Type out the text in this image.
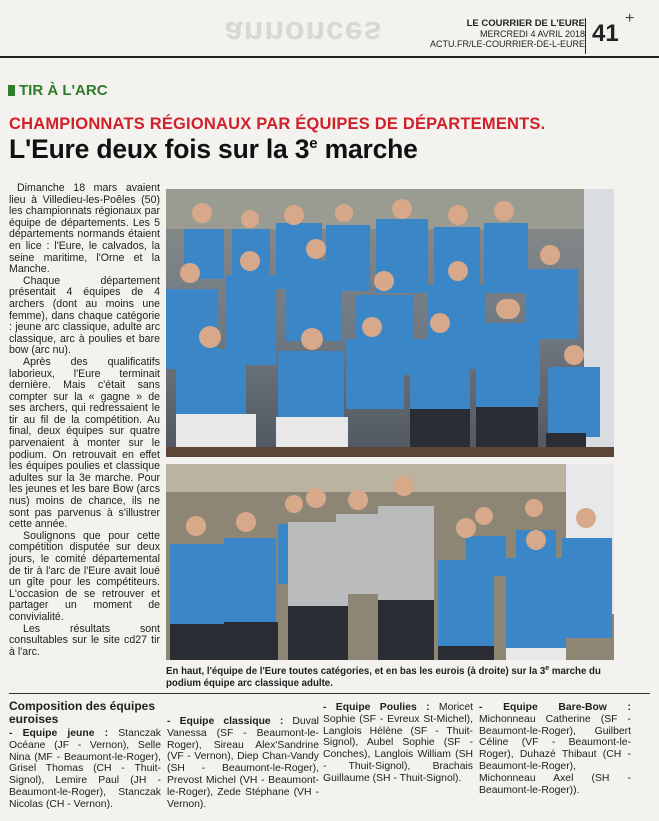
annonces	LE COURRIER DE L'EURE
MERCREDI 4 AVRIL 2018
ACTU.FR/LE-COURRIER-DE-L-EURE 41
+
TIR À L'ARC
CHAMPIONNATS RÉGIONAUX PAR ÉQUIPES DE DÉPARTEMENTS.
L'Eure deux fois sur la 3e marche

Dimanche 18 mars avaient lieu à Villedieu-les-Poêles (50) les championnats régionaux par équipe de départements. Les 5 départements normands étaient en lice : l'Eure, le calvados, la seine maritime, l'Orne et la Manche.

Chaque département présentait 4 équipes de 4 archers (dont au moins une femme), dans chaque catégorie : jeune arc classique, adulte arc classique, arc à poulies et bare bow (arc nu).

Après des qualificatifs laborieux, l'Eure terminait dernière. Mais c'était sans compter sur la « gagne » de ses archers, qui redressaient le tir au fil de la compétition. Au final, deux équipes sur quatre parvenaient à monter sur le podium. On retrouvait en effet les équipes poulies et classique adultes sur la 3e marche. Pour les jeunes et les bare Bow (arcs nus) moins de chance, ils ne sont pas parvenus à s'illustrer cette année.

Soulignons que pour cette compétition disputée sur deux jours, le comité départemental de tir à l'arc de l'Eure avait loué un gîte pour les compétiteurs. L'occasion de se retrouver et partager un moment de convivialité.

Les résultats sont consultables sur le site cd27 tir à l'arc.

En haut, l'équipe de l'Eure toutes catégories, et en bas les eurois (à droite) sur la 3e marche du podium équipe arc classique adulte.
Composition des équipes euroises
- Equipe jeune : Stanczak Océane (JF - Vernon), Selle Nina (MF - Beaumont-le-Roger), Grisel Thomas (CH - Thuit-Signol), Lemire Paul (JH - Beaumont-le-Roger), Stanczak Nicolas (CH - Vernon).
- Equipe classique : Duval Vanessa (SF - Beaumont-le-Roger), Sireau Alex'Sandrine (VF - Vernon), Diep Chan-Vandy (SH - Beaumont-le-Roger), Prevost Michel (VH - Beaumont-le-Roger), Zede Stéphane (VH - Vernon).
- Equipe Poulies : Moricet Sophie (SF - Evreux St-Michel), Langlois Hélène (SF - Thuit-Signol), Aubel Sophie (SF - Conches), Langlois William (SH - Thuit-Signol), Brachais Guillaume (SH - Thuit-Signol).
- Equipe Bare-Bow : Michonneau Catherine (SF - Beaumont-le-Roger), Guilbert Céline (VF - Beaumont-le-Roger), Duhazé Thibaut (CH - Beaumont-le-Roger), Michonneau Axel (SH - Beaumont-le-Roger)).
